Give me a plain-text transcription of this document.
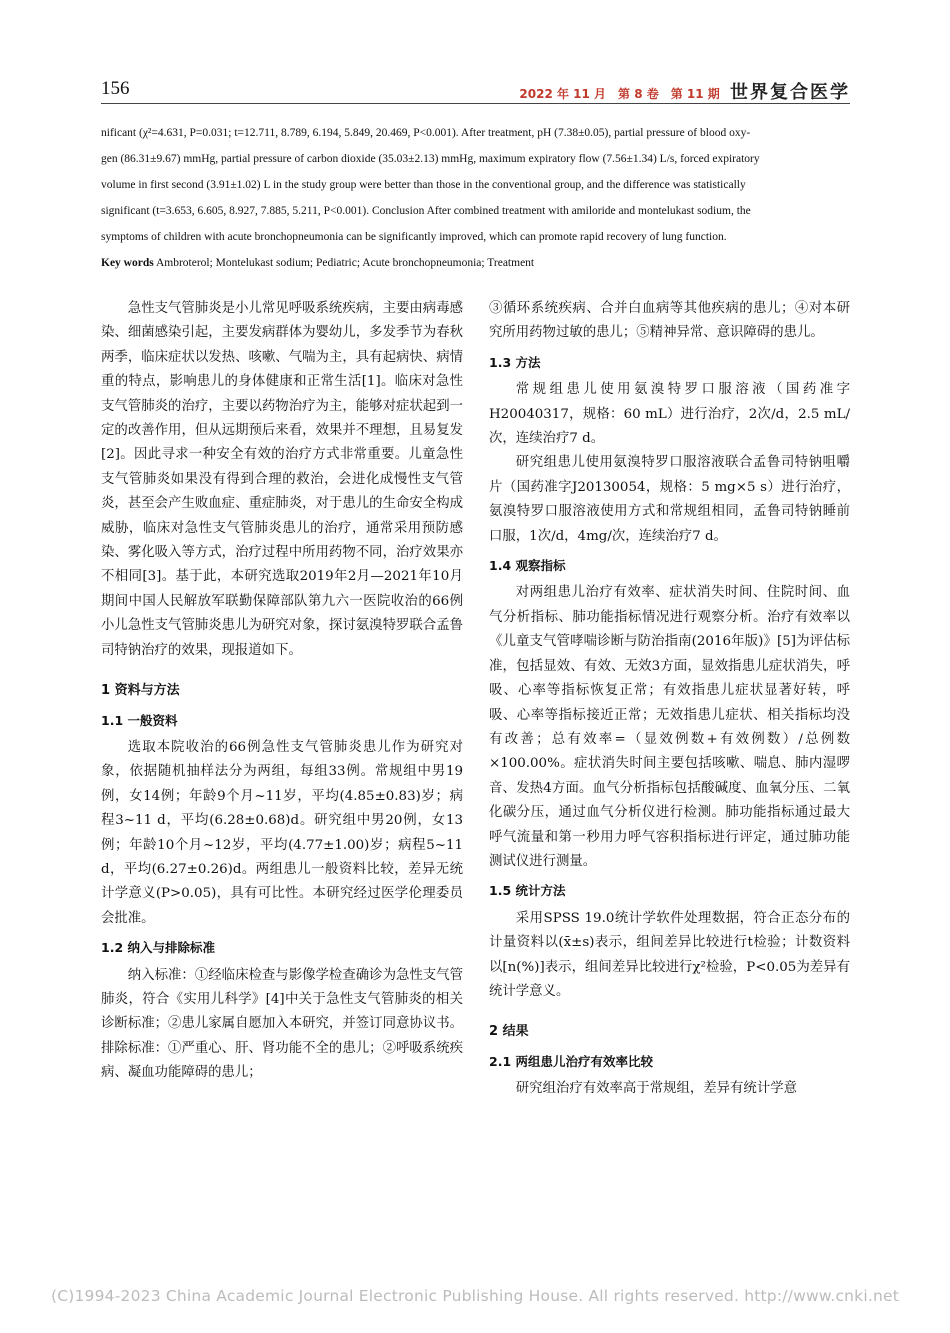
156	2022 年 11 月　第 8 卷　第 11 期 世界复合医学

nificant (χ²=4.631, P=0.031; t=12.711, 8.789, 6.194, 5.849, 20.469, P<0.001). After treatment, pH (7.38±0.05), partial pressure of blood oxy-

gen (86.31±9.67) mmHg, partial pressure of carbon dioxide (35.03±2.13) mmHg, maximum expiratory flow (7.56±1.34) L/s, forced expiratory

volume in first second (3.91±1.02) L in the study group were better than those in the conventional group, and the difference was statistically

significant (t=3.653, 6.605, 8.927, 7.885, 5.211, P<0.001). Conclusion After combined treatment with amiloride and montelukast sodium, the

symptoms of children with acute bronchopneumonia can be significantly improved, which can promote rapid recovery of lung function.

Key words Ambroterol; Montelukast sodium; Pediatric; Acute bronchopneumonia; Treatment

急性支气管肺炎是小儿常见呼吸系统疾病，主要由病毒感染、细菌感染引起，主要发病群体为婴幼儿，多发季节为春秋两季，临床症状以发热、咳嗽、气喘为主，具有起病快、病情重的特点，影响患儿的身体健康和正常生活[1]。临床对急性支气管肺炎的治疗，主要以药物治疗为主，能够对症状起到一定的改善作用，但从远期预后来看，效果并不理想，且易复发[2]。因此寻求一种安全有效的治疗方式非常重要。儿童急性支气管肺炎如果没有得到合理的救治，会进化成慢性支气管炎，甚至会产生败血症、重症肺炎，对于患儿的生命安全构成威胁，临床对急性支气管肺炎患儿的治疗，通常采用预防感染、雾化吸入等方式，治疗过程中所用药物不同，治疗效果亦不相同[3]。基于此，本研究选取2019年2月—2021年10月期间中国人民解放军联勤保障部队第九六一医院收治的66例小儿急性支气管肺炎患儿为研究对象，探讨氨溴特罗联合孟鲁司特钠治疗的效果，现报道如下。

1 资料与方法
1.1 一般资料

选取本院收治的66例急性支气管肺炎患儿作为研究对象，依据随机抽样法分为两组，每组33例。常规组中男19例，女14例；年龄9个月~11岁，平均(4.85±0.83)岁；病程3~11 d，平均(6.28±0.68)d。研究组中男20例，女13例；年龄10个月~12岁，平均(4.77±1.00)岁；病程5~11 d，平均(6.27±0.26)d。两组患儿一般资料比较，差异无统计学意义(P>0.05)，具有可比性。本研究经过医学伦理委员会批准。

1.2 纳入与排除标准

纳入标准：①经临床检查与影像学检查确诊为急性支气管肺炎，符合《实用儿科学》[4]中关于急性支气管肺炎的相关诊断标准；②患儿家属自愿加入本研究，并签订同意协议书。排除标准：①严重心、肝、肾功能不全的患儿；②呼吸系统疾病、凝血功能障碍的患儿；

③循环系统疾病、合并白血病等其他疾病的患儿；④对本研究所用药物过敏的患儿；⑤精神异常、意识障碍的患儿。

1.3 方法

常规组患儿使用氨溴特罗口服溶液（国药准字H20040317，规格：60 mL）进行治疗，2次/d，2.5 mL/次，连续治疗7 d。

研究组患儿使用氨溴特罗口服溶液联合孟鲁司特钠咀嚼片（国药准字J20130054，规格：5 mg×5 s）进行治疗，氨溴特罗口服溶液使用方式和常规组相同，孟鲁司特钠睡前口服，1次/d，4mg/次，连续治疗7 d。

1.4 观察指标

对两组患儿治疗有效率、症状消失时间、住院时间、血气分析指标、肺功能指标情况进行观察分析。治疗有效率以《儿童支气管哮喘诊断与防治指南(2016年版)》[5]为评估标准，包括显效、有效、无效3方面，显效指患儿症状消失，呼吸、心率等指标恢复正常；有效指患儿症状显著好转，呼吸、心率等指标接近正常；无效指患儿症状、相关指标均没有改善；总有效率=（显效例数+有效例数）/总例数×100.00%。症状消失时间主要包括咳嗽、喘息、肺内湿啰音、发热4方面。血气分析指标包括酸碱度、血氧分压、二氧化碳分压，通过血气分析仪进行检测。肺功能指标通过最大呼气流量和第一秒用力呼气容积指标进行评定，通过肺功能测试仪进行测量。

1.5 统计方法

采用SPSS 19.0统计学软件处理数据，符合正态分布的计量资料以(x̄±s)表示，组间差异比较进行t检验；计数资料以[n(%)]表示，组间差异比较进行χ²检验，P<0.05为差异有统计学意义。

2 结果
2.1 两组患儿治疗有效率比较

研究组治疗有效率高于常规组，差异有统计学意

(C)1994-2023 China Academic Journal Electronic Publishing House. All rights reserved. http://www.cnki.net
